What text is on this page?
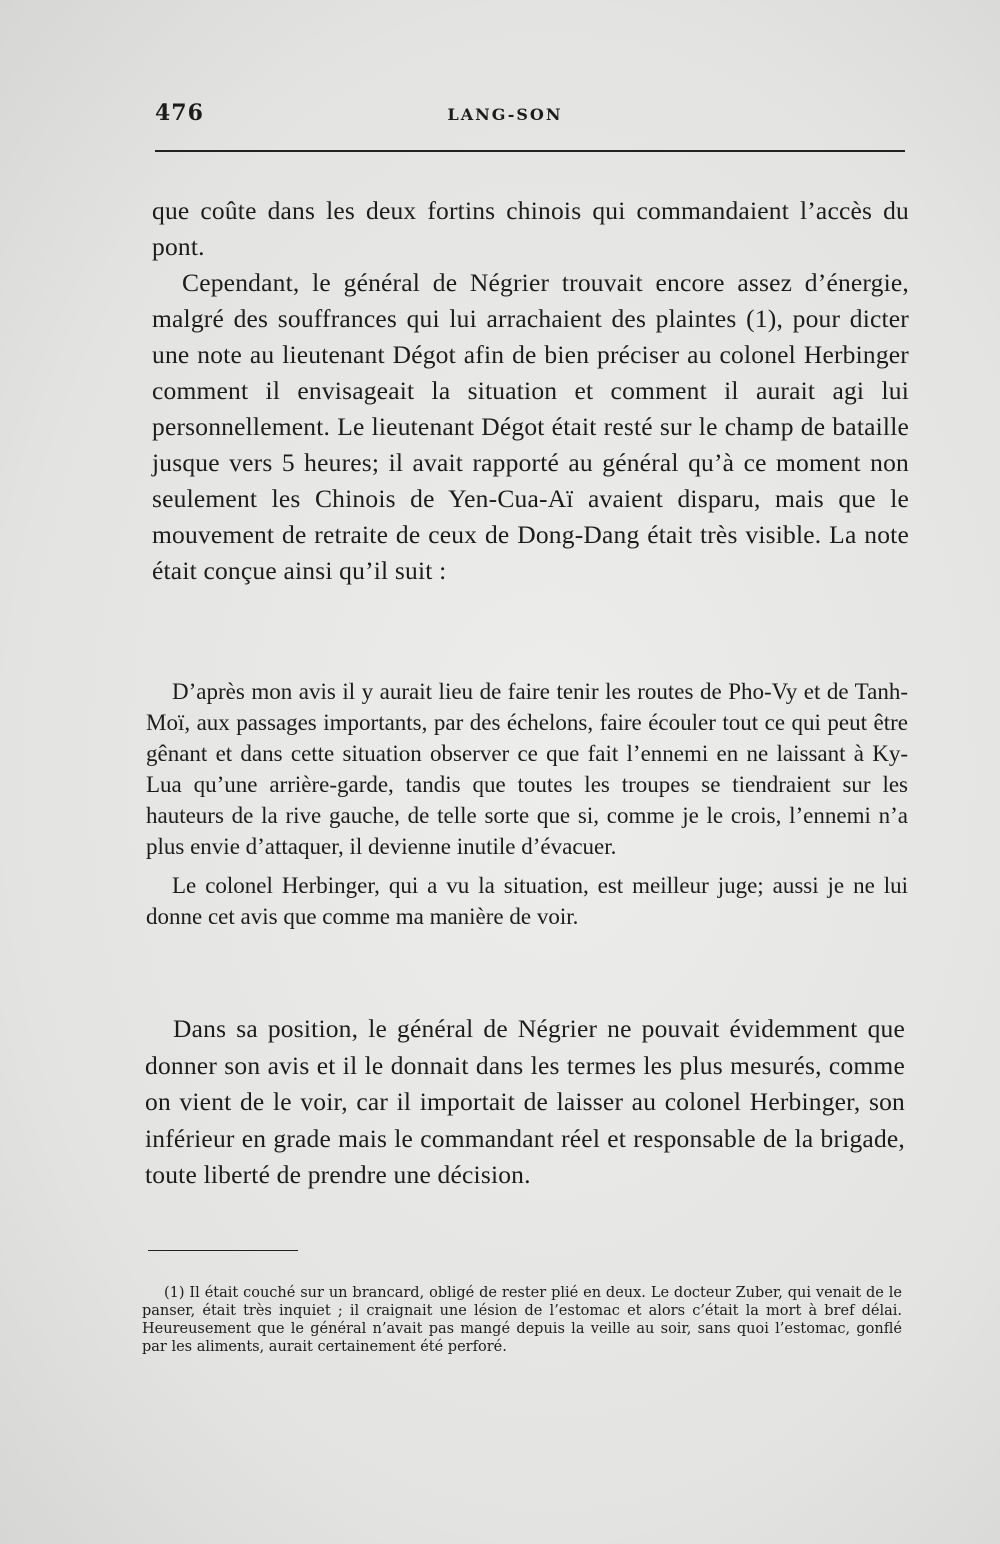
476	LANG-SON

que coûte dans les deux fortins chinois qui commandaient l’accès du pont.

Cependant, le général de Négrier trouvait encore assez d’énergie, malgré des souffrances qui lui arrachaient des plaintes (1), pour dicter une note au lieutenant Dégot afin de bien préciser au colonel Herbinger comment il envisageait la situation et comment il aurait agi lui personnellement. Le lieutenant Dégot était resté sur le champ de bataille jusque vers 5 heures; il avait rapporté au général qu’à ce moment non seulement les Chinois de Yen-Cua-Aï avaient disparu, mais que le mouvement de retraite de ceux de Dong-Dang était très visible. La note était conçue ainsi qu’il suit :

D’après mon avis il y aurait lieu de faire tenir les routes de Pho-Vy et de Tanh-Moï, aux passages importants, par des échelons, faire écouler tout ce qui peut être gênant et dans cette situation observer ce que fait l’ennemi en ne laissant à Ky-Lua qu’une arrière-garde, tandis que toutes les troupes se tiendraient sur les hauteurs de la rive gauche, de telle sorte que si, comme je le crois, l’ennemi n’a plus envie d’attaquer, il devienne inutile d’évacuer.

Le colonel Herbinger, qui a vu la situation, est meilleur juge; aussi je ne lui donne cet avis que comme ma manière de voir.

Dans sa position, le général de Négrier ne pouvait évidemment que donner son avis et il le donnait dans les termes les plus mesurés, comme on vient de le voir, car il importait de laisser au colonel Herbinger, son inférieur en grade mais le commandant réel et responsable de la brigade, toute liberté de prendre une décision.

(1) Il était couché sur un brancard, obligé de rester plié en deux. Le docteur Zuber, qui venait de le panser, était très inquiet ; il craignait une lésion de l’estomac et alors c’était la mort à bref délai. Heureusement que le général n’avait pas mangé depuis la veille au soir, sans quoi l’estomac, gonflé par les aliments, aurait certainement été perforé.
